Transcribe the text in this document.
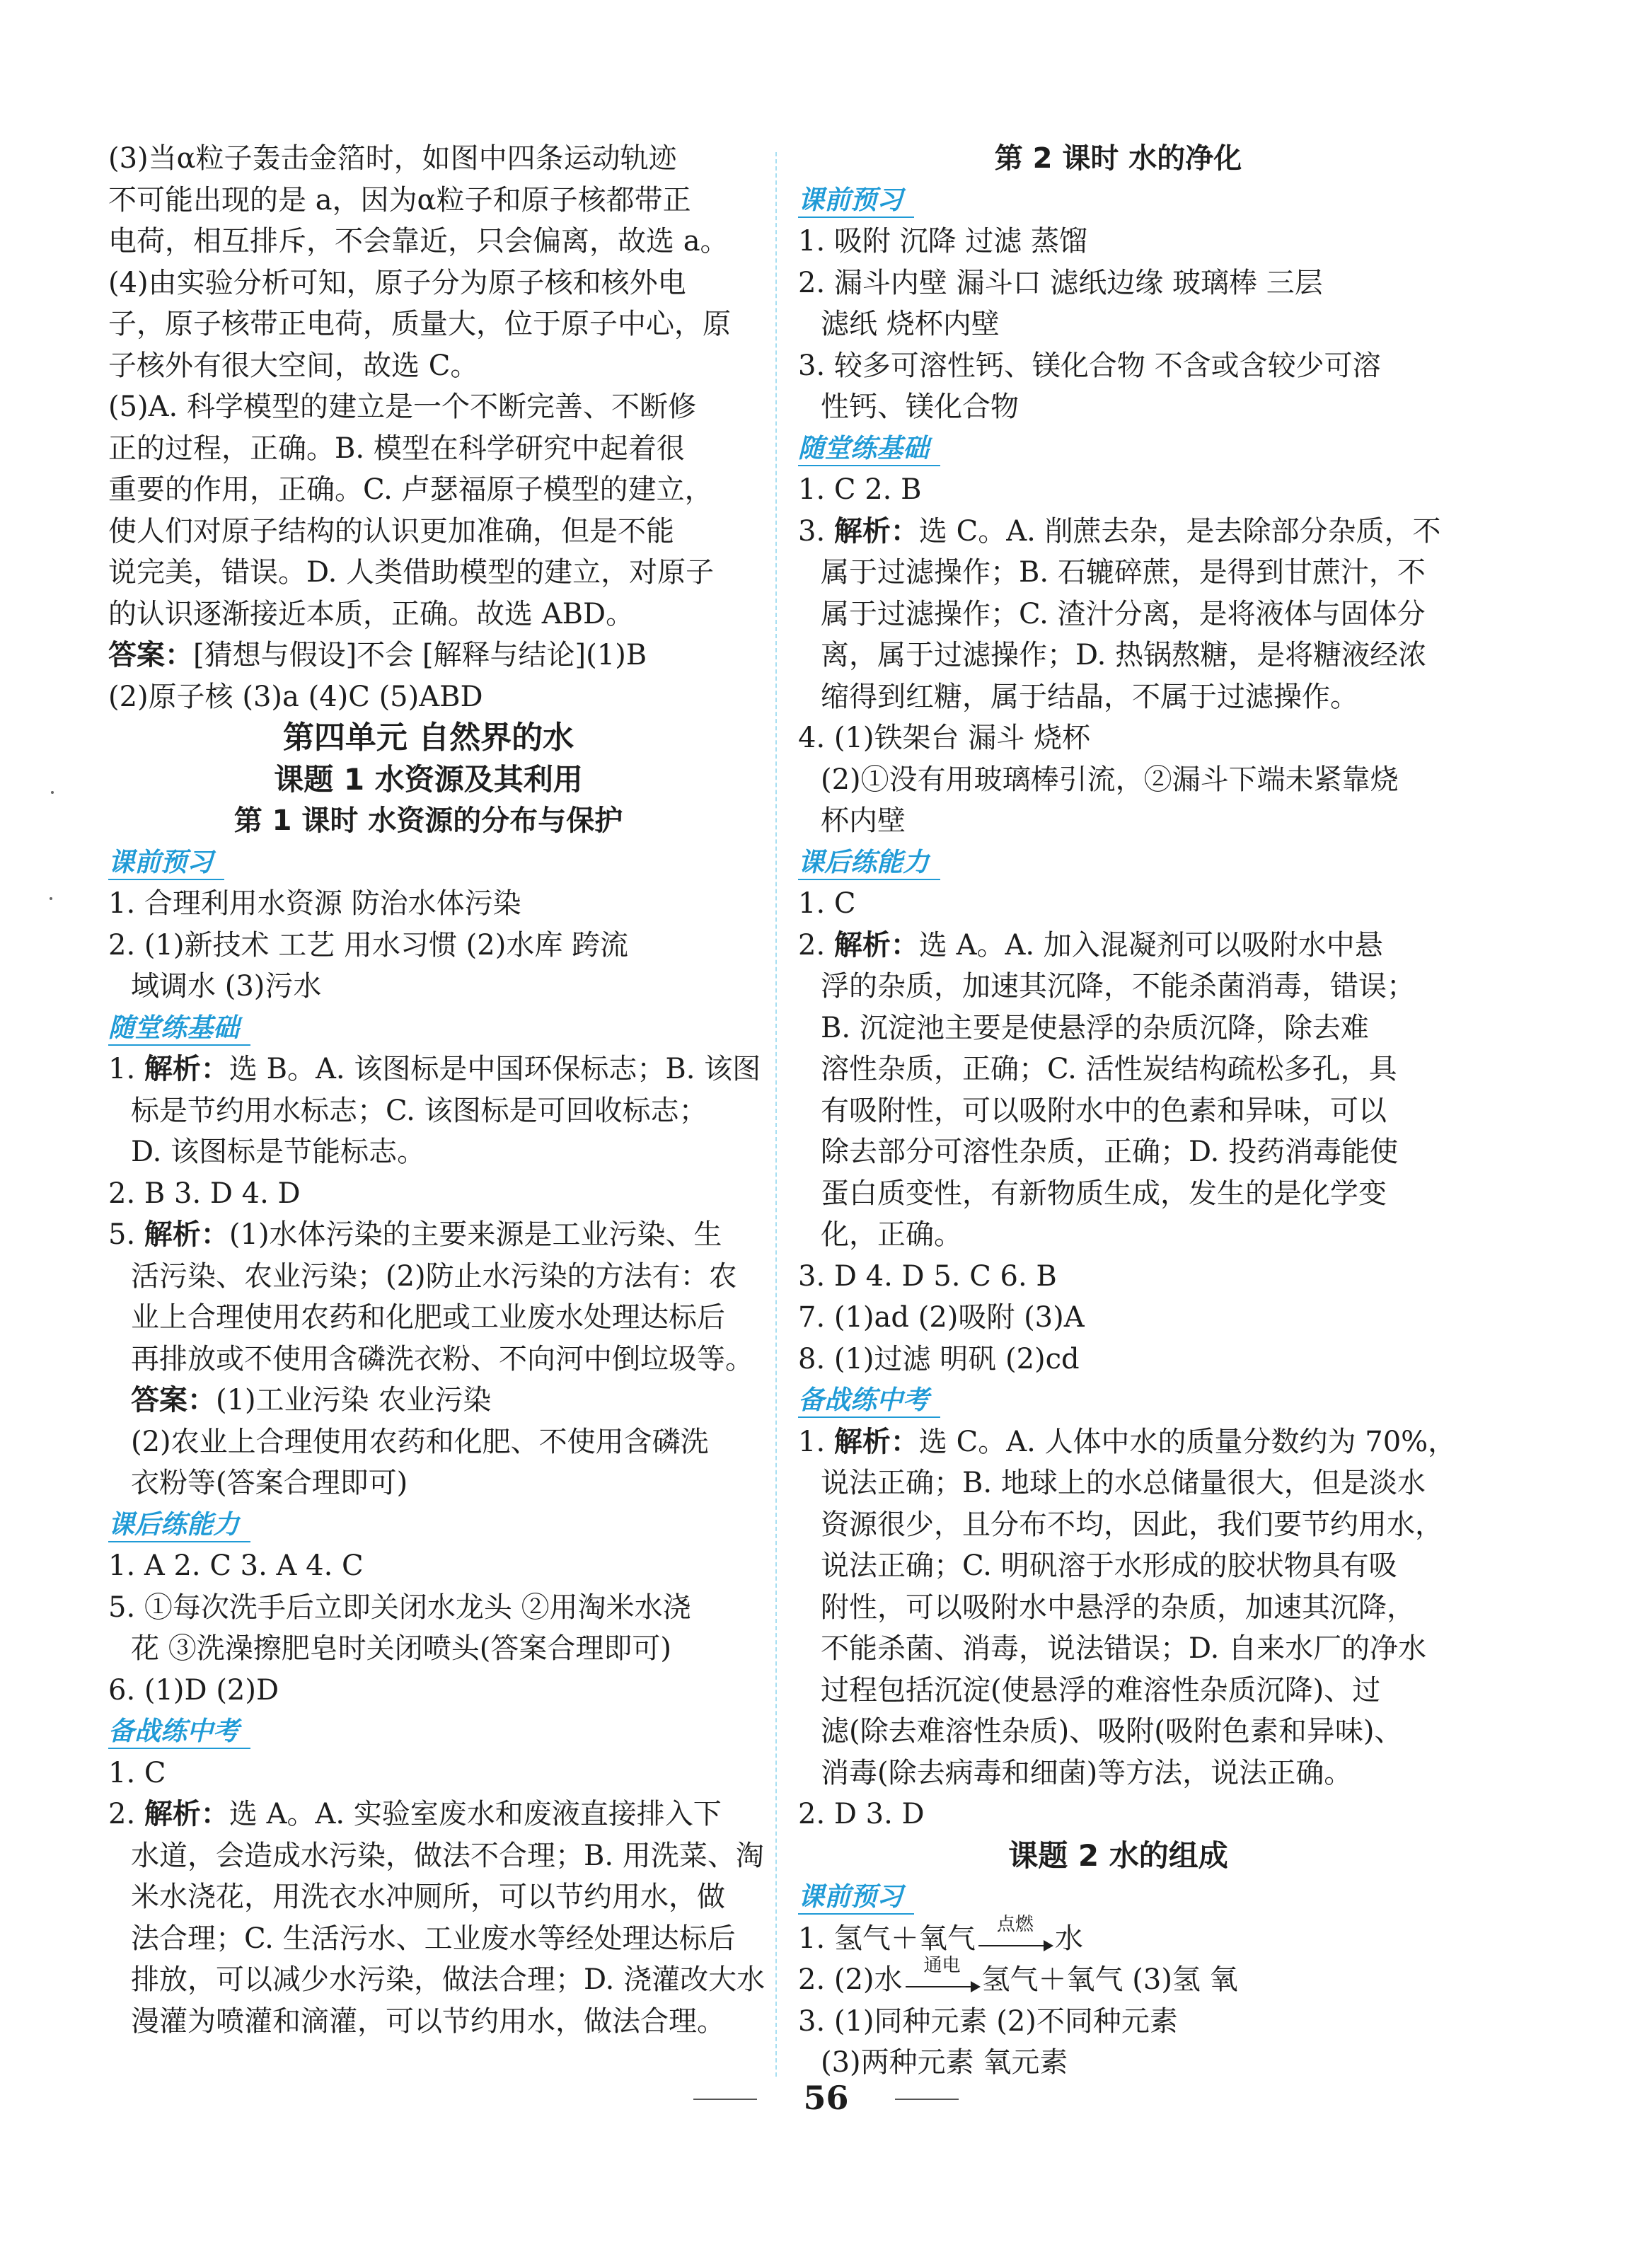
(3)当α粒子轰击金箔时，如图中四条运动轨迹
不可能出现的是 a，因为α粒子和原子核都带正
电荷，相互排斥，不会靠近，只会偏离，故选 a。
(4)由实验分析可知，原子分为原子核和核外电
子，原子核带正电荷，质量大，位于原子中心，原
子核外有很大空间，故选 C。
(5)A. 科学模型的建立是一个不断完善、不断修
正的过程，正确。B. 模型在科学研究中起着很
重要的作用，正确。C. 卢瑟福原子模型的建立，
使人们对原子结构的认识更加准确，但是不能
说完美，错误。D. 人类借助模型的建立，对原子
的认识逐渐接近本质，正确。故选 ABD。
答案：[猜想与假设]不会 [解释与结论](1)B
(2)原子核 (3)a (4)C (5)ABD
第四单元 自然界的水
课题 1 水资源及其利用
第 1 课时 水资源的分布与保护
课前预习
1. 合理利用水资源 防治水体污染
2. (1)新技术 工艺 用水习惯 (2)水库 跨流
域调水 (3)污水
随堂练基础
1. 解析：选 B。A. 该图标是中国环保标志；B. 该图
标是节约用水标志；C. 该图标是可回收标志；
D. 该图标是节能标志。
2. B 3. D 4. D
5. 解析：(1)水体污染的主要来源是工业污染、生
活污染、农业污染；(2)防止水污染的方法有：农
业上合理使用农药和化肥或工业废水处理达标后
再排放或不使用含磷洗衣粉、不向河中倒垃圾等。
答案：(1)工业污染 农业污染
(2)农业上合理使用农药和化肥、不使用含磷洗
衣粉等(答案合理即可)
课后练能力
1. A 2. C 3. A 4. C
5. ①每次洗手后立即关闭水龙头 ②用淘米水浇
花 ③洗澡擦肥皂时关闭喷头(答案合理即可)
6. (1)D (2)D
备战练中考
1. C
2. 解析：选 A。A. 实验室废水和废液直接排入下
水道，会造成水污染，做法不合理；B. 用洗菜、淘
米水浇花，用洗衣水冲厕所，可以节约用水，做
法合理；C. 生活污水、工业废水等经处理达标后
排放，可以减少水污染，做法合理；D. 浇灌改大水
漫灌为喷灌和滴灌，可以节约用水，做法合理。
第 2 课时 水的净化
课前预习
1. 吸附 沉降 过滤 蒸馏
2. 漏斗内壁 漏斗口 滤纸边缘 玻璃棒 三层
滤纸 烧杯内壁
3. 较多可溶性钙、镁化合物 不含或含较少可溶
性钙、镁化合物
随堂练基础
1. C 2. B
3. 解析：选 C。A. 削蔗去杂，是去除部分杂质，不
属于过滤操作；B. 石辘碎蔗，是得到甘蔗汁，不
属于过滤操作；C. 渣汁分离，是将液体与固体分
离，属于过滤操作；D. 热锅熬糖，是将糖液经浓
缩得到红糖，属于结晶，不属于过滤操作。
4. (1)铁架台 漏斗 烧杯
(2)①没有用玻璃棒引流，②漏斗下端未紧靠烧
杯内壁
课后练能力
1. C
2. 解析：选 A。A. 加入混凝剂可以吸附水中悬
浮的杂质，加速其沉降，不能杀菌消毒，错误；
B. 沉淀池主要是使悬浮的杂质沉降，除去难
溶性杂质，正确；C. 活性炭结构疏松多孔，具
有吸附性，可以吸附水中的色素和异味，可以
除去部分可溶性杂质，正确；D. 投药消毒能使
蛋白质变性，有新物质生成，发生的是化学变
化，正确。
3. D 4. D 5. C 6. B
7. (1)ad (2)吸附 (3)A
8. (1)过滤 明矾 (2)cd
备战练中考
1. 解析：选 C。A. 人体中水的质量分数约为 70%，
说法正确；B. 地球上的水总储量很大，但是淡水
资源很少，且分布不均，因此，我们要节约用水，
说法正确；C. 明矾溶于水形成的胶状物具有吸
附性，可以吸附水中悬浮的杂质，加速其沉降，
不能杀菌、消毒，说法错误；D. 自来水厂的净水
过程包括沉淀(使悬浮的难溶性杂质沉降)、过
滤(除去难溶性杂质)、吸附(吸附色素和异味)、
消毒(除去病毒和细菌)等方法，说法正确。
2. D 3. D
课题 2 水的组成
课前预习
1. 氢气＋氧气	点燃 水
2. (2)水	通电 氢气＋氧气 (3)氢 氧
3. (1)同种元素 (2)不同种元素
(3)两种元素 氧元素
56
